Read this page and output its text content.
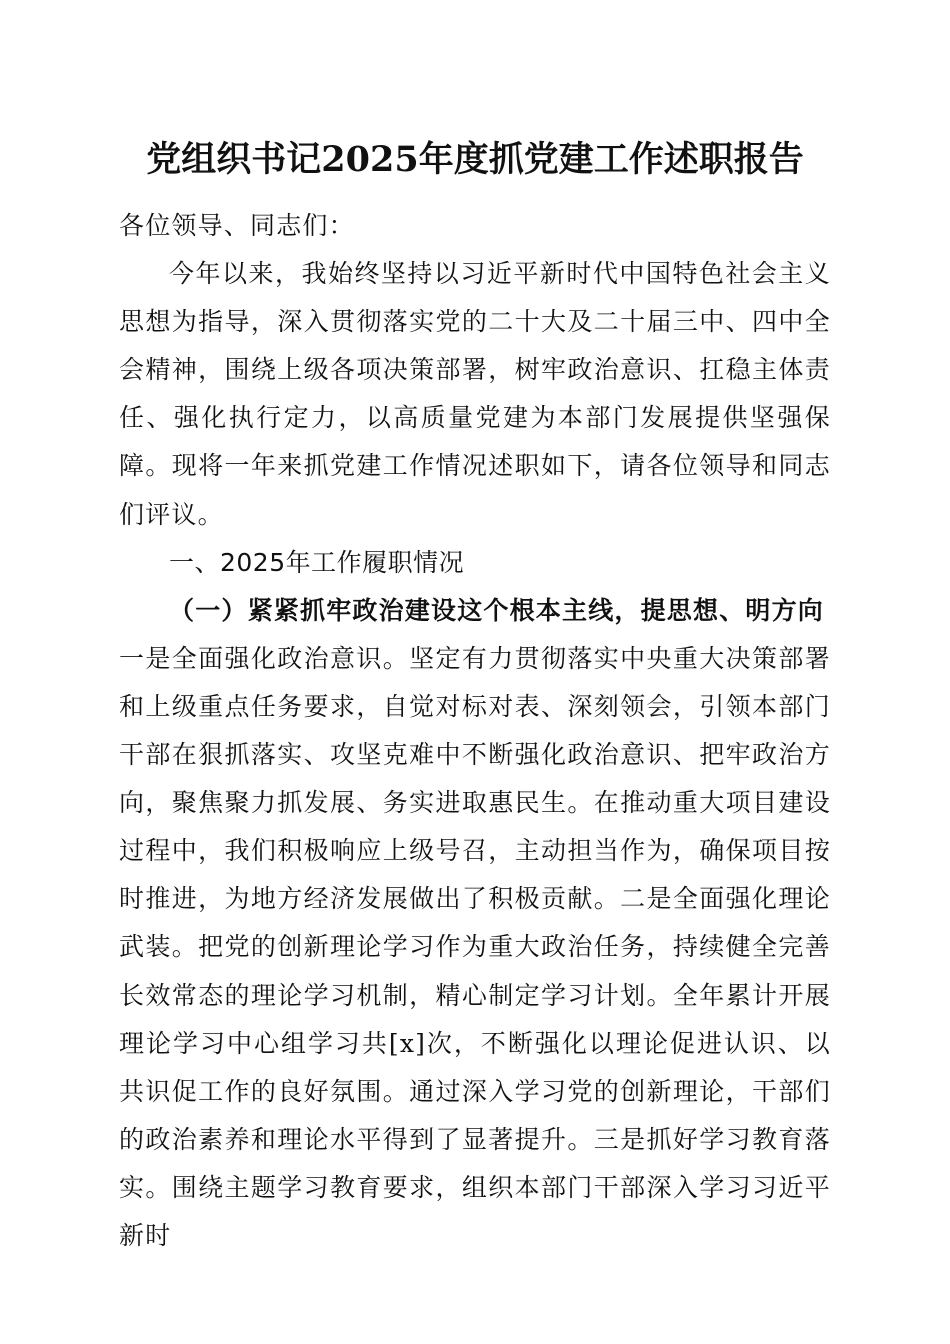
党组织书记2025年度抓党建工作述职报告

各位领导、同志们：

今年以来，我始终坚持以习近平新时代中国特色社会主义思想为指导，深入贯彻落实党的二十大及二十届三中、四中全会精神，围绕上级各项决策部署，树牢政治意识、扛稳主体责任、强化执行定力，以高质量党建为本部门发展提供坚强保障。现将一年来抓党建工作情况述职如下，请各位领导和同志们评议。

一、2025年工作履职情况

（一）紧紧抓牢政治建设这个根本主线，提思想、明方向

一是全面强化政治意识。坚定有力贯彻落实中央重大决策部署和上级重点任务要求，自觉对标对表、深刻领会，引领本部门干部在狠抓落实、攻坚克难中不断强化政治意识、把牢政治方向，聚焦聚力抓发展、务实进取惠民生。在推动重大项目建设过程中，我们积极响应上级号召，主动担当作为，确保项目按时推进，为地方经济发展做出了积极贡献。二是全面强化理论武装。把党的创新理论学习作为重大政治任务，持续健全完善长效常态的理论学习机制，精心制定学习计划。全年累计开展理论学习中心组学习共[x]次，不断强化以理论促进认识、以共识促工作的良好氛围。通过深入学习党的创新理论，干部们的政治素养和理论水平得到了显著提升。三是抓好学习教育落实。围绕主题学习教育要求，组织本部门干部深入学习习近平新时
